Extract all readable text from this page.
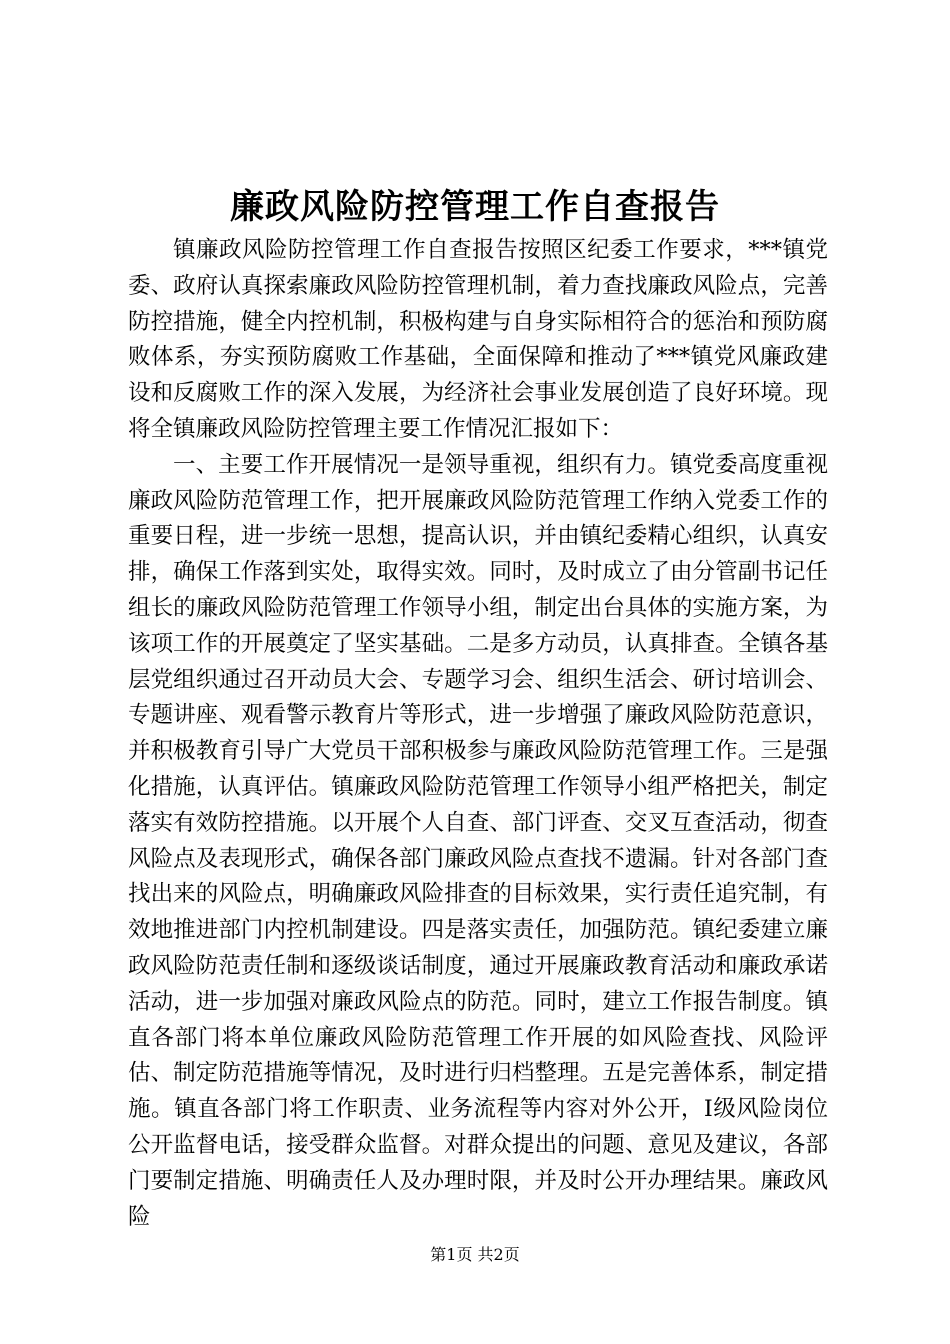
廉政风险防控管理工作自查报告

镇廉政风险防控管理工作自查报告按照区纪委工作要求，***镇党委、政府认真探索廉政风险防控管理机制，着力查找廉政风险点，完善防控措施，健全内控机制，积极构建与自身实际相符合的惩治和预防腐败体系，夯实预防腐败工作基础，全面保障和推动了***镇党风廉政建设和反腐败工作的深入发展，为经济社会事业发展创造了良好环境。现将全镇廉政风险防控管理主要工作情况汇报如下：

一、主要工作开展情况一是领导重视，组织有力。镇党委高度重视廉政风险防范管理工作，把开展廉政风险防范管理工作纳入党委工作的重要日程，进一步统一思想，提高认识，并由镇纪委精心组织，认真安排，确保工作落到实处，取得实效。同时，及时成立了由分管副书记任组长的廉政风险防范管理工作领导小组，制定出台具体的实施方案，为该项工作的开展奠定了坚实基础。二是多方动员，认真排查。全镇各基层党组织通过召开动员大会、专题学习会、组织生活会、研讨培训会、专题讲座、观看警示教育片等形式，进一步增强了廉政风险防范意识，并积极教育引导广大党员干部积极参与廉政风险防范管理工作。三是强化措施，认真评估。镇廉政风险防范管理工作领导小组严格把关，制定落实有效防控措施。以开展个人自查、部门评查、交叉互查活动，彻查风险点及表现形式，确保各部门廉政风险点查找不遗漏。针对各部门查找出来的风险点，明确廉政风险排查的目标效果，实行责任追究制，有效地推进部门内控机制建设。四是落实责任，加强防范。镇纪委建立廉政风险防范责任制和逐级谈话制度，通过开展廉政教育活动和廉政承诺活动，进一步加强对廉政风险点的防范。同时，建立工作报告制度。镇直各部门将本单位廉政风险防范管理工作开展的如风险查找、风险评估、制定防范措施等情况，及时进行归档整理。五是完善体系，制定措施。镇直各部门将工作职责、业务流程等内容对外公开，Ⅰ级风险岗位公开监督电话，接受群众监督。对群众提出的问题、意见及建议，各部门要制定措施、明确责任人及办理时限，并及时公开办理结果。廉政风险

第1页 共2页
